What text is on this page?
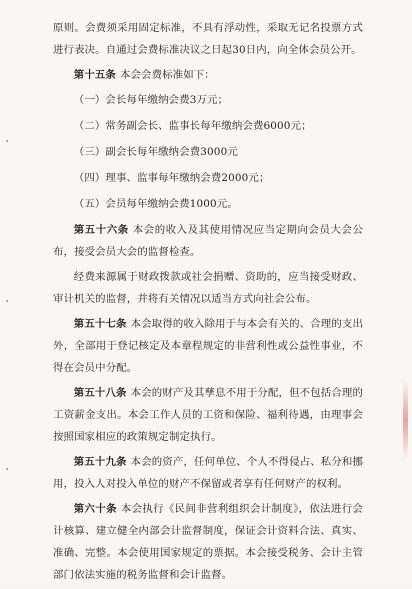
原则。会费须采用固定标准，不具有浮动性，采取无记名投票方式进行表决。自通过会费标准决议之日起30日内，向全体会员公开。

第十五条 本会会费标准如下：

（一）会长每年缴纳会费3万元；

（二）常务副会长、监事长每年缴纳会费6000元；

（三）副会长每年缴纳会费3000元

（四）理事、监事每年缴纳会费2000元；

（五）会员每年缴纳会费1000元。

第五十六条 本会的收入及其使用情况应当定期向会员大会公布，接受会员大会的监督检查。

经费来源属于财政拨款或社会捐赠、资助的，应当接受财政、审计机关的监督，并将有关情况以适当方式向社会公布。

第五十七条 本会取得的收入除用于与本会有关的、合理的支出外，全部用于登记核定及本章程规定的非营利性或公益性事业，不得在会员中分配。

第五十八条 本会的财产及其孳息不用于分配，但不包括合理的工资薪金支出。本会工作人员的工资和保险、福利待遇，由理事会按照国家相应的政策规定制定执行。

第五十九条 本会的资产，任何单位、个人不得侵占、私分和挪用，投入人对投入单位的财产不保留或者享有任何财产的权利。

第六十条 本会执行《民间非营利组织会计制度》，依法进行会计核算、建立健全内部会计监督制度，保证会计资料合法、真实、准确、完整。本会使用国家规定的票据。本会接受税务、会计主管部门依法实施的税务监督和会计监督。
